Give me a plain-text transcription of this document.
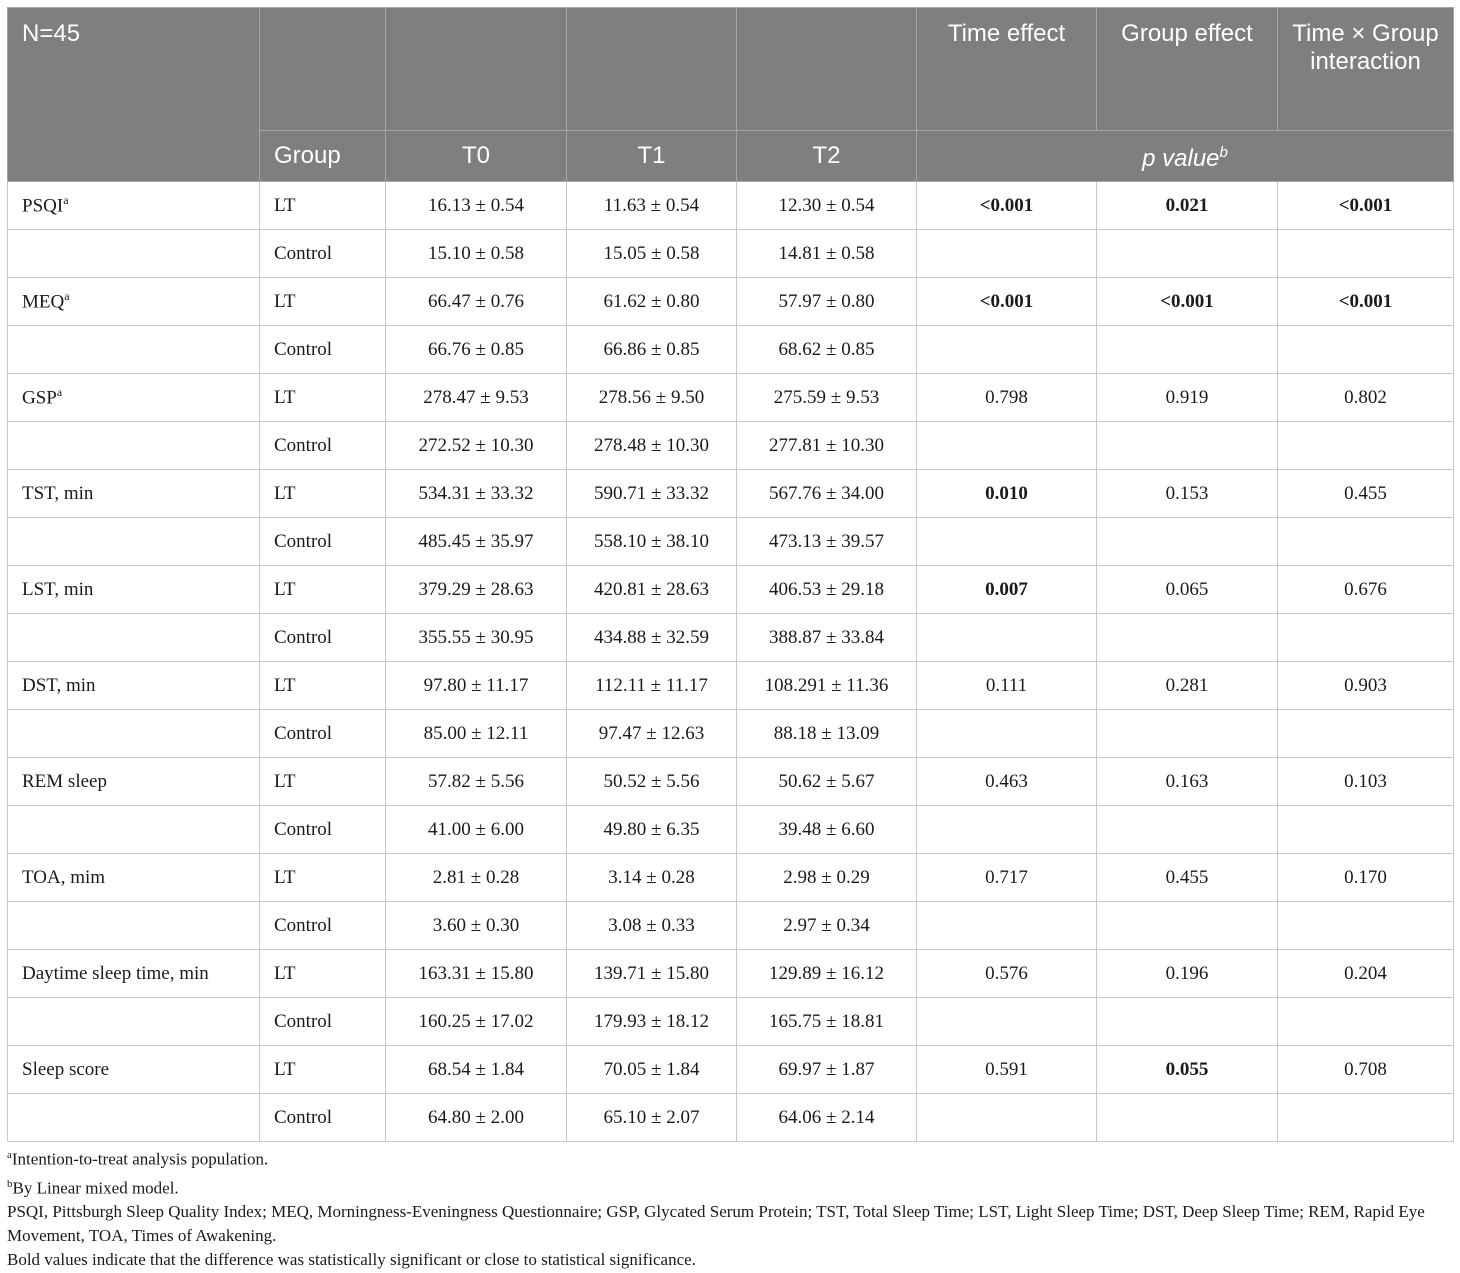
N=45					Time effect	Group effect	Time × Group interaction
	Group	T0	T1	T2	p value$^b$
PSQI$^a$	LT	16.13 ± 0.54	11.63 ± 0.54	12.30 ± 0.54	<0.001	0.021	<0.001
	Control	15.10 ± 0.58	15.05 ± 0.58	14.81 ± 0.58			
MEQ$^a$	LT	66.47 ± 0.76	61.62 ± 0.80	57.97 ± 0.80	<0.001	<0.001	<0.001
	Control	66.76 ± 0.85	66.86 ± 0.85	68.62 ± 0.85			
GSP$^a$	LT	278.47 ± 9.53	278.56 ± 9.50	275.59 ± 9.53	0.798	0.919	0.802
	Control	272.52 ± 10.30	278.48 ± 10.30	277.81 ± 10.30			
TST, min	LT	534.31 ± 33.32	590.71 ± 33.32	567.76 ± 34.00	0.010	0.153	0.455
	Control	485.45 ± 35.97	558.10 ± 38.10	473.13 ± 39.57			
LST, min	LT	379.29 ± 28.63	420.81 ± 28.63	406.53 ± 29.18	0.007	0.065	0.676
	Control	355.55 ± 30.95	434.88 ± 32.59	388.87 ± 33.84			
DST, min	LT	97.80 ± 11.17	112.11 ± 11.17	108.291 ± 11.36	0.111	0.281	0.903
	Control	85.00 ± 12.11	97.47 ± 12.63	88.18 ± 13.09			
REM sleep	LT	57.82 ± 5.56	50.52 ± 5.56	50.62 ± 5.67	0.463	0.163	0.103
	Control	41.00 ± 6.00	49.80 ± 6.35	39.48 ± 6.60			
TOA, mim	LT	2.81 ± 0.28	3.14 ± 0.28	2.98 ± 0.29	0.717	0.455	0.170
	Control	3.60 ± 0.30	3.08 ± 0.33	2.97 ± 0.34			
Daytime sleep time, min	LT	163.31 ± 15.80	139.71 ± 15.80	129.89 ± 16.12	0.576	0.196	0.204
	Control	160.25 ± 17.02	179.93 ± 18.12	165.75 ± 18.81			
Sleep score	LT	68.54 ± 1.84	70.05 ± 1.84	69.97 ± 1.87	0.591	0.055	0.708
	Control	64.80 ± 2.00	65.10 ± 2.07	64.06 ± 2.14			

$^a$Intention-to-treat analysis population.

$^b$By Linear mixed model.

PSQI, Pittsburgh Sleep Quality Index; MEQ, Morningness-Eveningness Questionnaire; GSP, Glycated Serum Protein; TST, Total Sleep Time; LST, Light Sleep Time; DST, Deep Sleep Time; REM, Rapid Eye Movement, TOA, Times of Awakening.

Bold values indicate that the difference was statistically significant or close to statistical significance.
